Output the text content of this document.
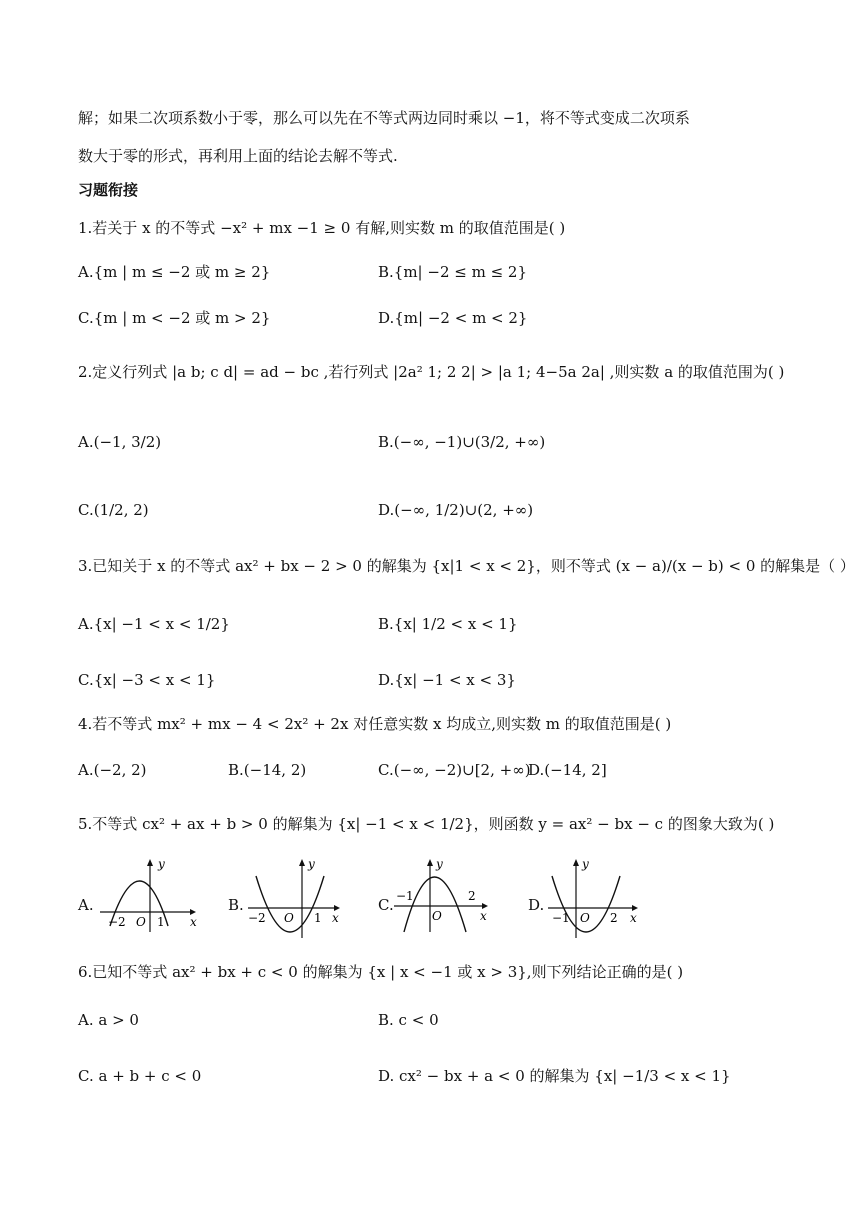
解；如果二次项系数小于零，那么可以先在不等式两边同时乘以 −1，将不等式变成二次项系
数大于零的形式，再利用上面的结论去解不等式.
习题衔接
1.若关于 x 的不等式 −x² + mx −1 ≥ 0 有解,则实数 m 的取值范围是( )
A.{m | m ≤ −2 或 m ≥ 2}	B.{m| −2 ≤ m ≤ 2}
C.{m | m < −2 或 m > 2}	D.{m| −2 < m < 2}
2.定义行列式 |a b; c d| = ad − bc ,若行列式 |2a² 1; 2 2| > |a 1; 4−5a 2a| ,则实数 a 的取值范围为( )
A.(−1, 3/2)	B.(−∞, −1)∪(3/2, +∞)
C.(1/2, 2)	D.(−∞, 1/2)∪(2, +∞)
3.已知关于 x 的不等式 ax² + bx − 2 > 0 的解集为 {x|1 < x < 2}，则不等式 (x − a)/(x − b) < 0 的解集是（ ）
A.{x| −1 < x < 1/2}	B.{x| 1/2 < x < 1}
C.{x| −3 < x < 1}	D.{x| −1 < x < 3}
4.若不等式 mx² + mx − 4 < 2x² + 2x 对任意实数 x 均成立,则实数 m 的取值范围是( )
A.(−2, 2)	B.(−14, 2)	C.(−∞, −2)∪[2, +∞)
D.(−14, 2]
5.不等式 cx² + ax + b > 0 的解集为 {x| −1 < x < 1/2}，则函数 y = ax² − bx − c 的图象大致为( )
A.
y
x
−2 O 1
B.
y
x
−2 O 1
C.
y
x
−1
O
2	D.
y
x
−1 O 2
6.已知不等式 ax² + bx + c < 0 的解集为 {x | x < −1 或 x > 3},则下列结论正确的是( )
A. a > 0	B. c < 0
C. a + b + c < 0	D. cx² − bx + a < 0 的解集为 {x| −1/3 < x < 1}
